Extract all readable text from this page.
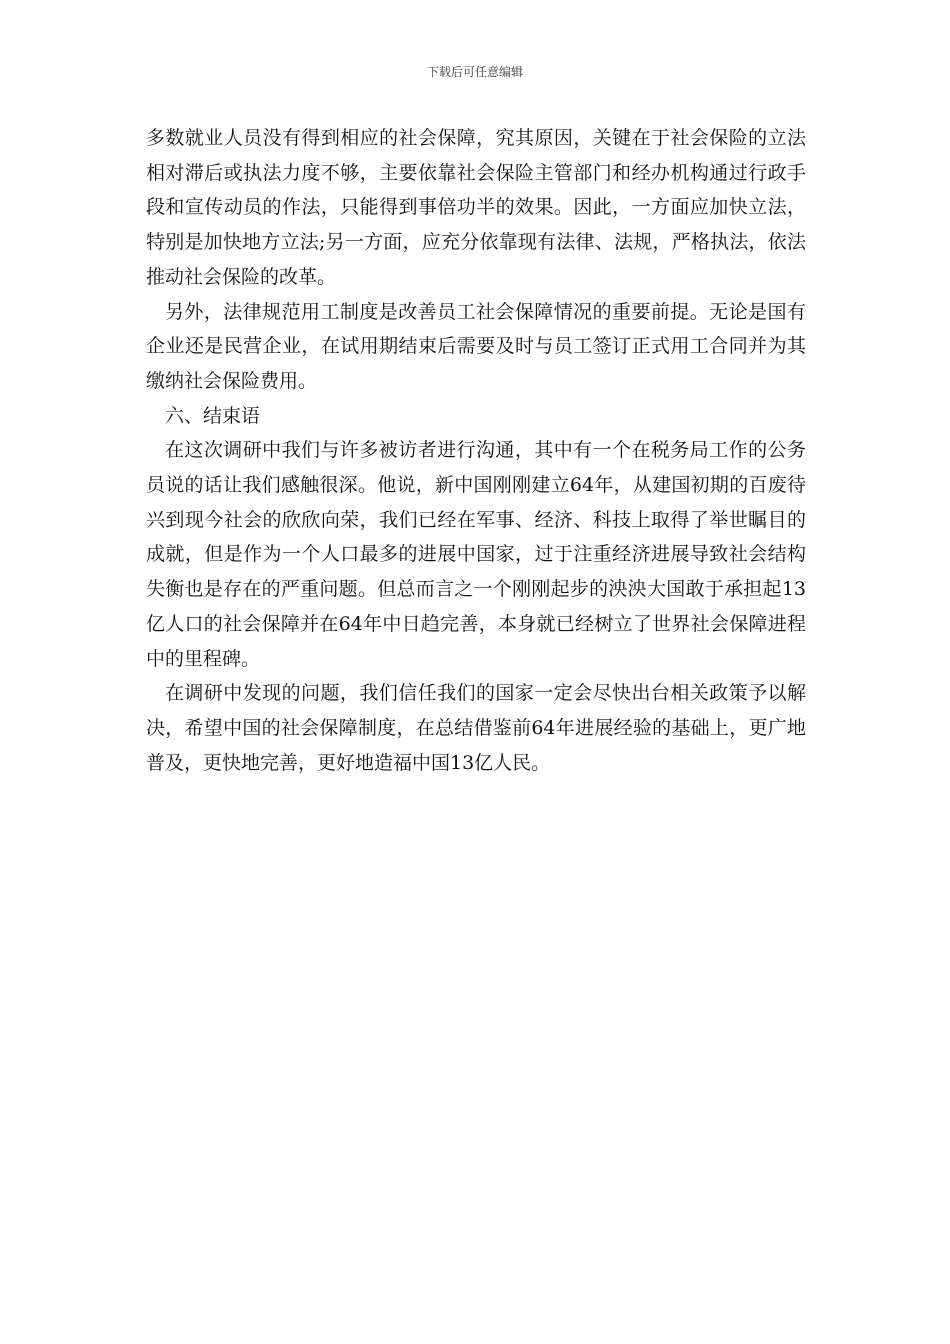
下载后可任意编辑

多数就业人员没有得到相应的社会保障，究其原因，关键在于社会保险的立法相对滞后或执法力度不够，主要依靠社会保险主管部门和经办机构通过行政手段和宣传动员的作法，只能得到事倍功半的效果。因此，一方面应加快立法，特别是加快地方立法;另一方面，应充分依靠现有法律、法规，严格执法，依法推动社会保险的改革。

另外，法律规范用工制度是改善员工社会保障情况的重要前提。无论是国有企业还是民营企业，在试用期结束后需要及时与员工签订正式用工合同并为其缴纳社会保险费用。

六、结束语

在这次调研中我们与许多被访者进行沟通，其中有一个在税务局工作的公务员说的话让我们感触很深。他说，新中国刚刚建立64年，从建国初期的百废待兴到现今社会的欣欣向荣，我们已经在军事、经济、科技上取得了举世瞩目的成就，但是作为一个人口最多的进展中国家，过于注重经济进展导致社会结构失衡也是存在的严重问题。但总而言之一个刚刚起步的泱泱大国敢于承担起13亿人口的社会保障并在64年中日趋完善，本身就已经树立了世界社会保障进程中的里程碑。

在调研中发现的问题，我们信任我们的国家一定会尽快出台相关政策予以解决，希望中国的社会保障制度，在总结借鉴前64年进展经验的基础上，更广地普及，更快地完善，更好地造福中国13亿人民。
